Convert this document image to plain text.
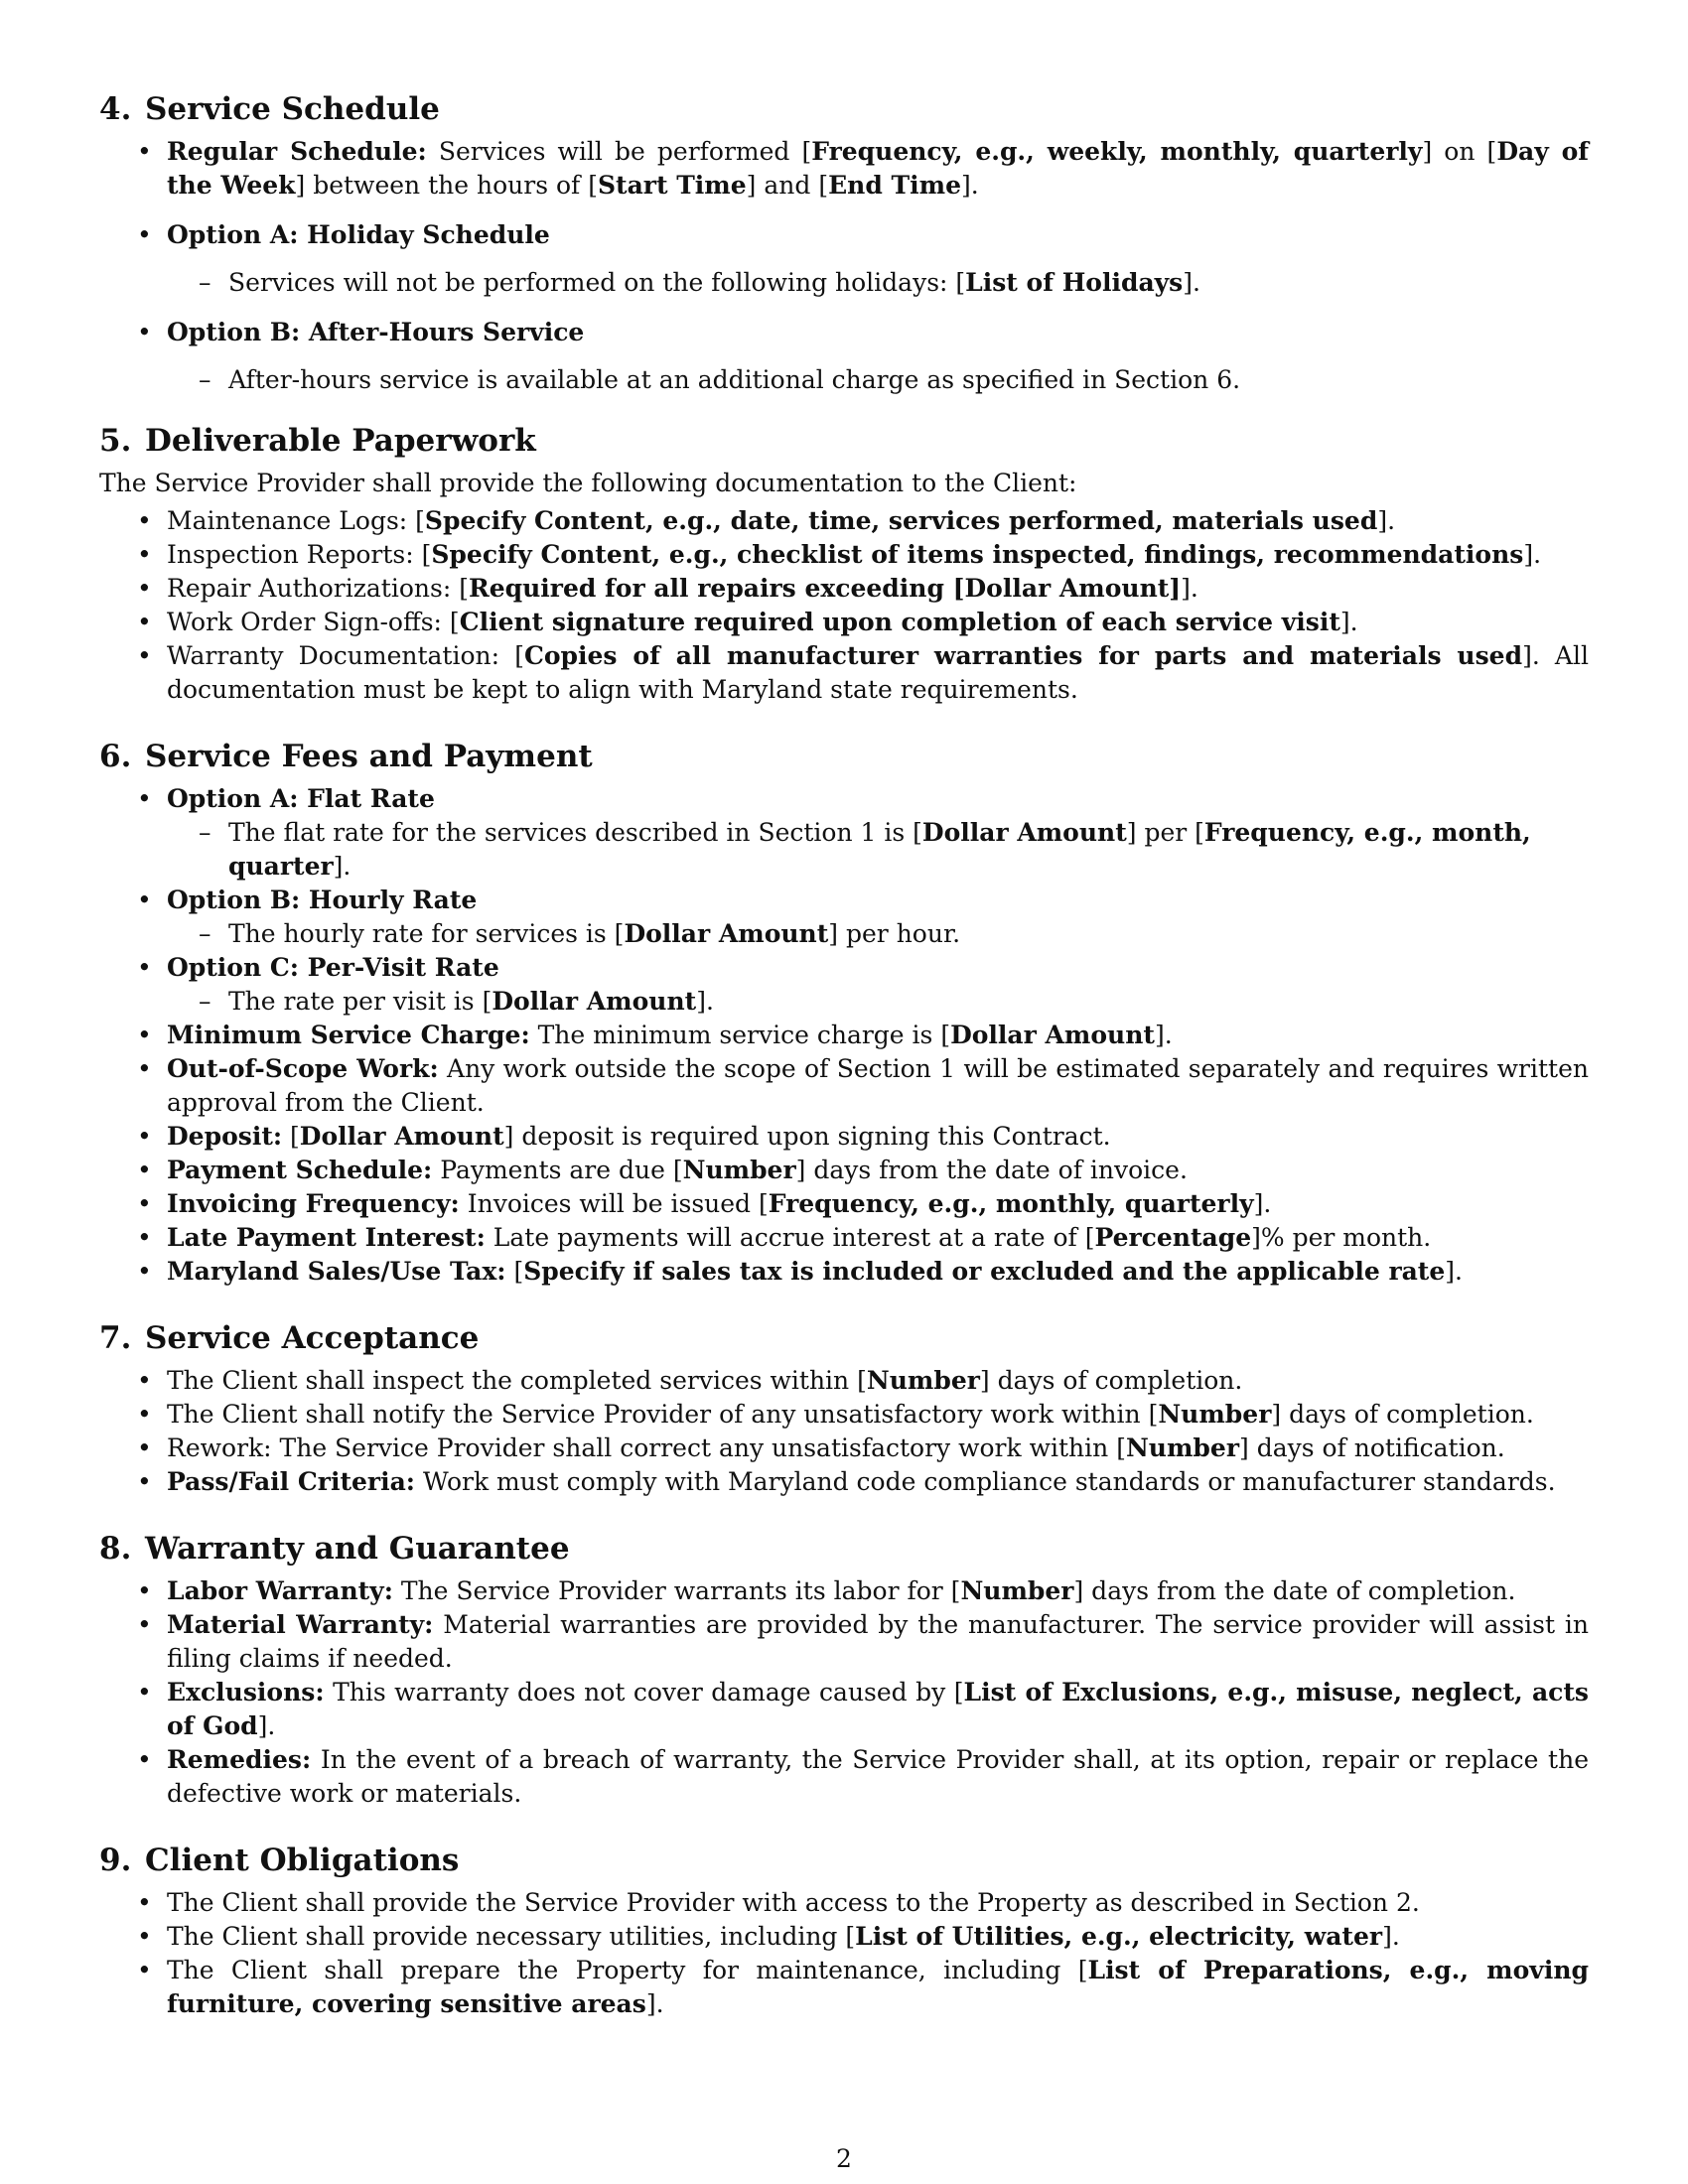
4. Service Schedule
• Regular Schedule: Services will be performed [Frequency, e.g., weekly, monthly, quarterly] on [Day of the Week] between the hours of [Start Time] and [End Time].
• Option A: Holiday Schedule
– Services will not be performed on the following holidays: [List of Holidays].
• Option B: After-Hours Service
– After-hours service is available at an additional charge as specified in Section 6.
5. Deliverable Paperwork

The Service Provider shall provide the following documentation to the Client:

• Maintenance Logs: [Specify Content, e.g., date, time, services performed, materials used].
• Inspection Reports: [Specify Content, e.g., checklist of items inspected, findings, recommendations].
• Repair Authorizations: [Required for all repairs exceeding [Dollar Amount]].
• Work Order Sign-offs: [Client signature required upon completion of each service visit].
• Warranty Documentation: [Copies of all manufacturer warranties for parts and materials used]. All documentation must be kept to align with Maryland state requirements.
6. Service Fees and Payment
• Option A: Flat Rate
– The flat rate for the services described in Section 1 is [Dollar Amount] per [Frequency, e.g., month, quarter].
• Option B: Hourly Rate
– The hourly rate for services is [Dollar Amount] per hour.
• Option C: Per-Visit Rate
– The rate per visit is [Dollar Amount].
• Minimum Service Charge: The minimum service charge is [Dollar Amount].
• Out-of-Scope Work: Any work outside the scope of Section 1 will be estimated separately and requires written approval from the Client.
• Deposit: [Dollar Amount] deposit is required upon signing this Contract.
• Payment Schedule: Payments are due [Number] days from the date of invoice.
• Invoicing Frequency: Invoices will be issued [Frequency, e.g., monthly, quarterly].
• Late Payment Interest: Late payments will accrue interest at a rate of [Percentage]% per month.
• Maryland Sales/Use Tax: [Specify if sales tax is included or excluded and the applicable rate].
7. Service Acceptance
• The Client shall inspect the completed services within [Number] days of completion.
• The Client shall notify the Service Provider of any unsatisfactory work within [Number] days of completion.
• Rework: The Service Provider shall correct any unsatisfactory work within [Number] days of notification.
• Pass/Fail Criteria: Work must comply with Maryland code compliance standards or manufacturer standards.
8. Warranty and Guarantee
• Labor Warranty: The Service Provider warrants its labor for [Number] days from the date of completion.
• Material Warranty: Material warranties are provided by the manufacturer. The service provider will assist in filing claims if needed.
• Exclusions: This warranty does not cover damage caused by [List of Exclusions, e.g., misuse, neglect, acts of God].
• Remedies: In the event of a breach of warranty, the Service Provider shall, at its option, repair or replace the defective work or materials.
9. Client Obligations
• The Client shall provide the Service Provider with access to the Property as described in Section 2.
• The Client shall provide necessary utilities, including [List of Utilities, e.g., electricity, water].
• The Client shall prepare the Property for maintenance, including [List of Preparations, e.g., moving furniture, covering sensitive areas].
2
